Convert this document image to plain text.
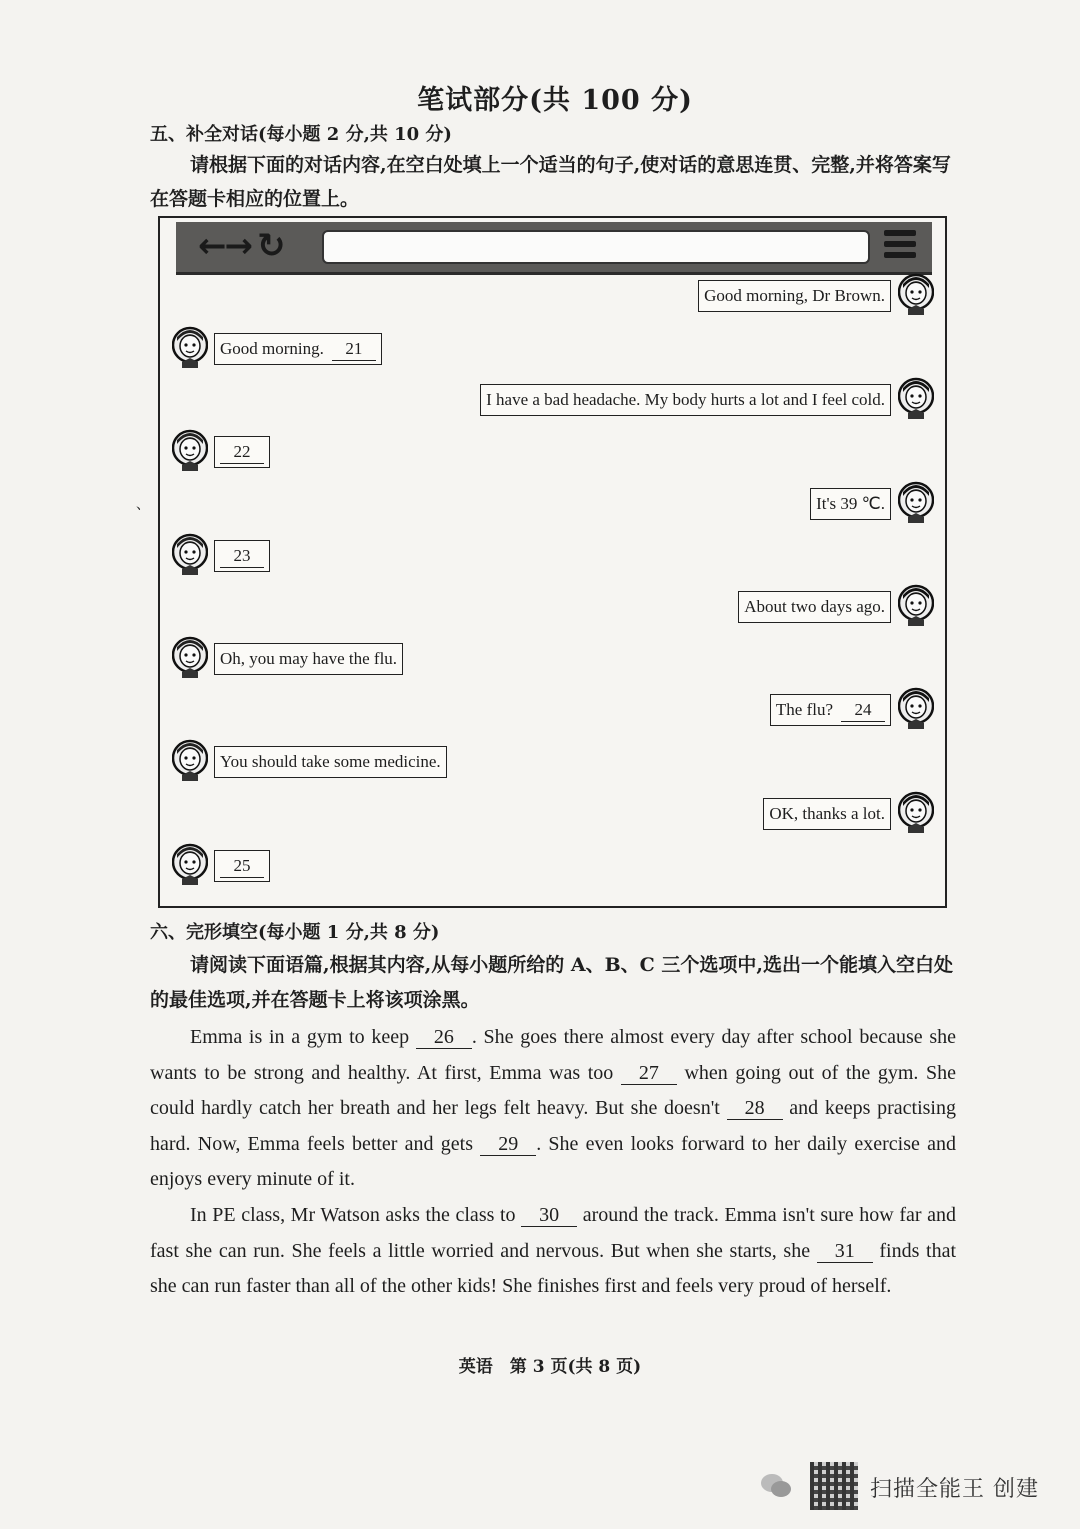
笔试部分(共 100 分)
五、补全对话(每小题 2 分,共 10 分)
请根据下面的对话内容,在空白处填上一个适当的句子,使对话的意思连贯、完整,并将答案写在答题卡相应的位置上。
←→ ↻
Good morning, Dr Brown.
Good morning. 21
I have a bad headache. My body hurts a lot and I feel cold.
22
It's 39 ℃.
23
About two days ago.
Oh, you may have the flu.
The flu? 24
You should take some medicine.
OK, thanks a lot.
25
、
六、完形填空(每小题 1 分,共 8 分)
请阅读下面语篇,根据其内容,从每小题所给的 A、B、C 三个选项中,选出一个能填入空白处的最佳选项,并在答题卡上将该项涂黑。
Emma is in a gym to keep 26 . She goes there almost every day after school because she wants to be strong and healthy. At first, Emma was too 27 when going out of the gym. She could hardly catch her breath and her legs felt heavy. But she doesn't 28 and keeps practising hard. Now, Emma feels better and gets 29 . She even looks forward to her daily exercise and enjoys every minute of it.
In PE class, Mr Watson asks the class to 30 around the track. Emma isn't sure how far and fast she can run. She feels a little worried and nervous. But when she starts, she 31 finds that she can run faster than all of the other kids! She finishes first and feels very proud of herself.
英语　第 3 页(共 8 页)
扫描全能王 创建
